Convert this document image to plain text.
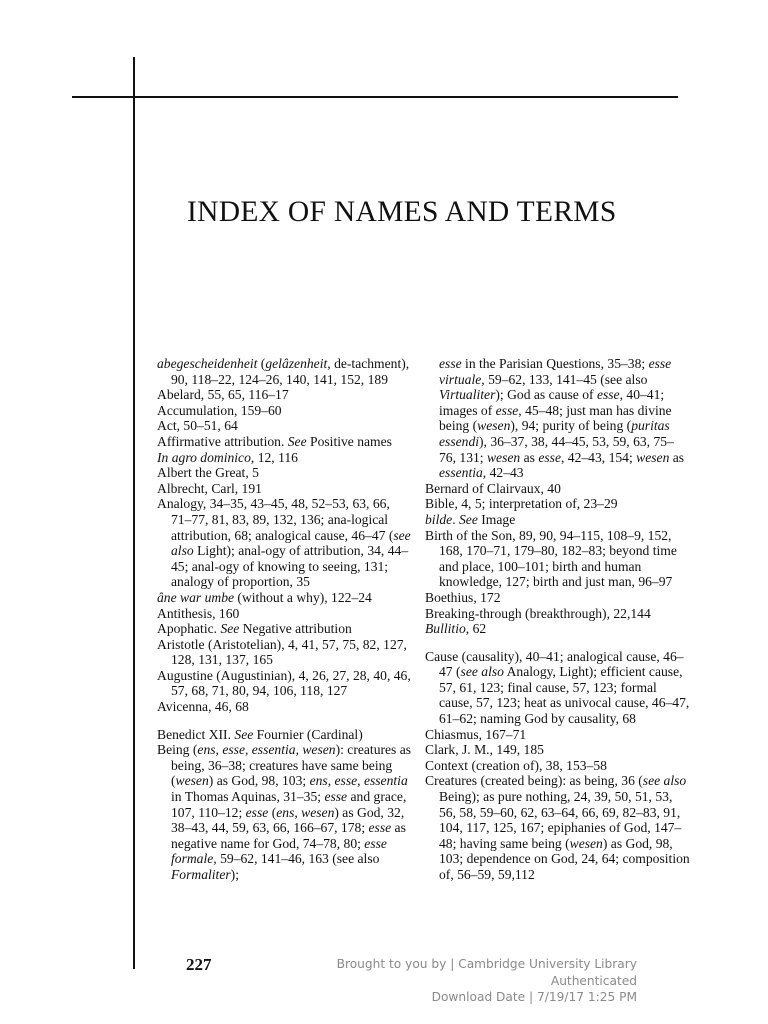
INDEX OF NAMES AND TERMS

abegescheidenheit (gelâzenheit, de-tachment), 90, 118–22, 124–26, 140, 141, 152, 189

Abelard, 55, 65, 116–17

Accumulation, 159–60

Act, 50–51, 64

Affirmative attribution. See Positive names

In agro dominico, 12, 116

Albert the Great, 5

Albrecht, Carl, 191

Analogy, 34–35, 43–45, 48, 52–53, 63, 66, 71–77, 81, 83, 89, 132, 136; ana-logical attribution, 68; analogical cause, 46–47 (see also Light); anal-ogy of attribution, 34, 44–45; anal-ogy of knowing to seeing, 131; analogy of proportion, 35

âne war umbe (without a why), 122–24

Antithesis, 160

Apophatic. See Negative attribution

Aristotle (Aristotelian), 4, 41, 57, 75, 82, 127, 128, 131, 137, 165

Augustine (Augustinian), 4, 26, 27, 28, 40, 46, 57, 68, 71, 80, 94, 106, 118, 127

Avicenna, 46, 68

Benedict XII. See Fournier (Cardinal)

Being (ens, esse, essentia, wesen): creatures as being, 36–38; creatures have same being (wesen) as God, 98, 103; ens, esse, essentia in Thomas Aquinas, 31–35; esse and grace, 107, 110–12; esse (ens, wesen) as God, 32, 38–43, 44, 59, 63, 66, 166–67, 178; esse as negative name for God, 74–78, 80; esse formale, 59–62, 141–46, 163 (see also Formaliter);

esse in the Parisian Questions, 35–38; esse virtuale, 59–62, 133, 141–45 (see also Virtualiter); God as cause of esse, 40–41; images of esse, 45–48; just man has divine being (wesen), 94; purity of being (puritas essendi), 36–37, 38, 44–45, 53, 59, 63, 75–76, 131; wesen as esse, 42–43, 154; wesen as essentia, 42–43

Bernard of Clairvaux, 40

Bible, 4, 5; interpretation of, 23–29

bilde. See Image

Birth of the Son, 89, 90, 94–115, 108–9, 152, 168, 170–71, 179–80, 182–83; beyond time and place, 100–101; birth and human knowledge, 127; birth and just man, 96–97

Boethius, 172

Breaking-through (breakthrough), 22,144

Bullitio, 62

Cause (causality), 40–41; analogical cause, 46–47 (see also Analogy, Light); efficient cause, 57, 61, 123; final cause, 57, 123; formal cause, 57, 123; heat as univocal cause, 46–47, 61–62; naming God by causality, 68

Chiasmus, 167–71

Clark, J. M., 149, 185

Context (creation of), 38, 153–58

Creatures (created being): as being, 36 (see also Being); as pure nothing, 24, 39, 50, 51, 53, 56, 58, 59–60, 62, 63–64, 66, 69, 82–83, 91, 104, 117, 125, 167; epiphanies of God, 147–48; having same being (wesen) as God, 98, 103; dependence on God, 24, 64; composition of, 56–59, 59,112

227	Brought to you by | Cambridge University Library
Authenticated
Download Date | 7/19/17 1:25 PM
